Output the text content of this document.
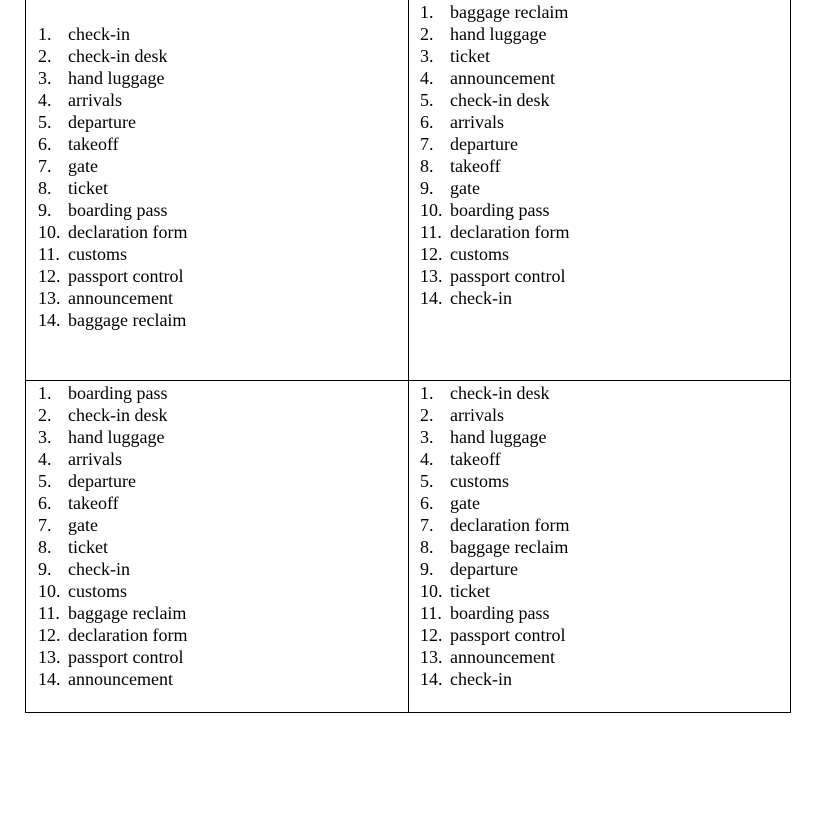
1. check-in
2. check-in desk
3. hand luggage
4. arrivals
5. departure
6. takeoff
7. gate
8. ticket
9. boarding pass
10. declaration form
11. customs
12. passport control
13. announcement
14. baggage reclaim
1. baggage reclaim
2. hand luggage
3. ticket
4. announcement
5. check-in desk
6. arrivals
7. departure
8. takeoff
9. gate
10. boarding pass
11. declaration form
12. customs
13. passport control
14. check-in
1. boarding pass
2. check-in desk
3. hand luggage
4. arrivals
5. departure
6. takeoff
7. gate
8. ticket
9. check-in
10. customs
11. baggage reclaim
12. declaration form
13. passport control
14. announcement
1. check-in desk
2. arrivals
3. hand luggage
4. takeoff
5. customs
6. gate
7. declaration form
8. baggage reclaim
9. departure
10. ticket
11. boarding pass
12. passport control
13. announcement
14. check-in
